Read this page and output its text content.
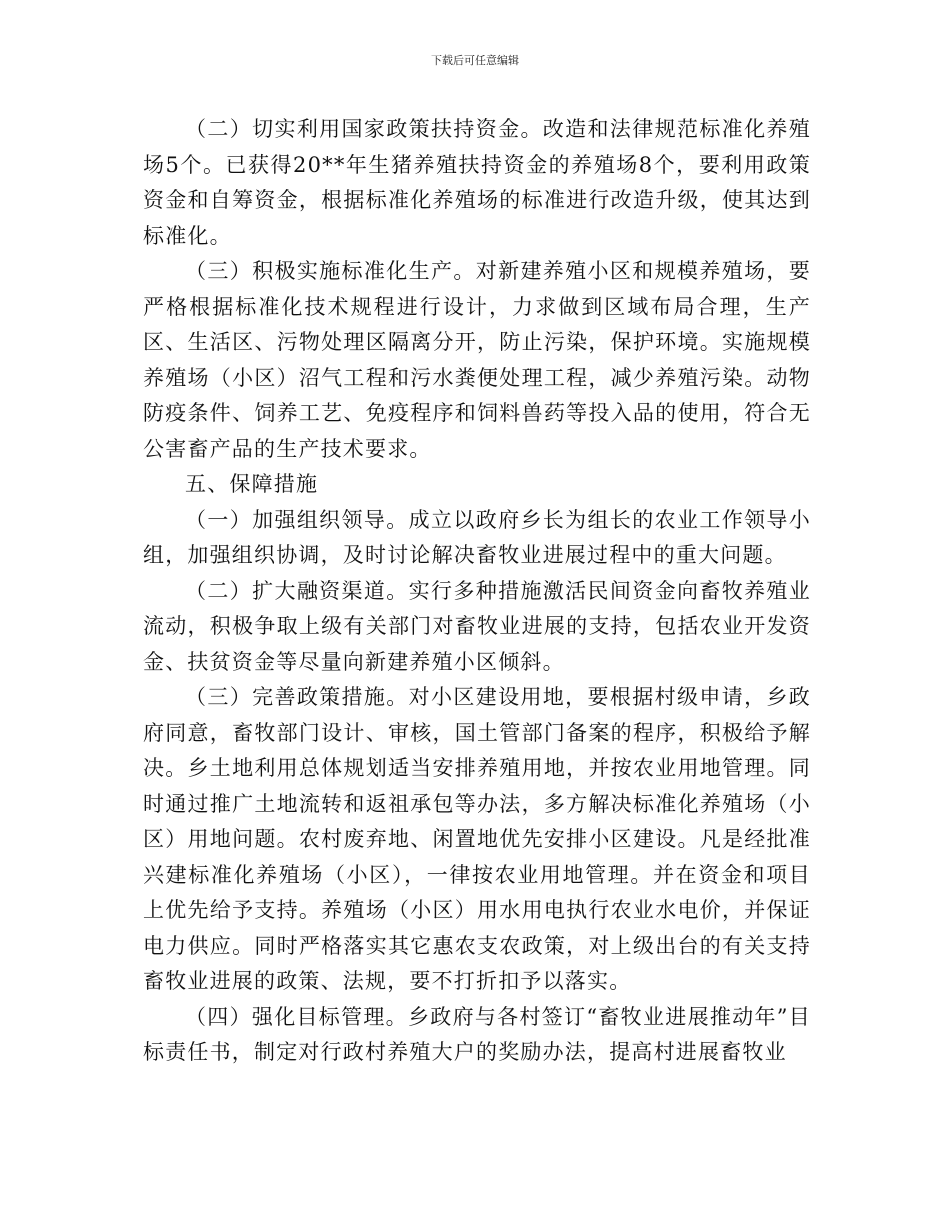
下载后可任意编辑

（二）切实利用国家政策扶持资金。改造和法律规范标准化养殖场5个。已获得20**年生猪养殖扶持资金的养殖场8个，要利用政策资金和自筹资金，根据标准化养殖场的标准进行改造升级，使其达到标准化。

（三）积极实施标准化生产。对新建养殖小区和规模养殖场，要严格根据标准化技术规程进行设计，力求做到区域布局合理，生产区、生活区、污物处理区隔离分开，防止污染，保护环境。实施规模养殖场（小区）沼气工程和污水粪便处理工程，减少养殖污染。动物防疫条件、饲养工艺、免疫程序和饲料兽药等投入品的使用，符合无公害畜产品的生产技术要求。

五、保障措施

（一）加强组织领导。成立以政府乡长为组长的农业工作领导小组，加强组织协调，及时讨论解决畜牧业进展过程中的重大问题。

（二）扩大融资渠道。实行多种措施激活民间资金向畜牧养殖业流动，积极争取上级有关部门对畜牧业进展的支持，包括农业开发资金、扶贫资金等尽量向新建养殖小区倾斜。

（三）完善政策措施。对小区建设用地，要根据村级申请，乡政府同意，畜牧部门设计、审核，国土管部门备案的程序，积极给予解决。乡土地利用总体规划适当安排养殖用地，并按农业用地管理。同时通过推广土地流转和返祖承包等办法，多方解决标准化养殖场（小区）用地问题。农村废弃地、闲置地优先安排小区建设。凡是经批准兴建标准化养殖场（小区），一律按农业用地管理。并在资金和项目上优先给予支持。养殖场（小区）用水用电执行农业水电价，并保证电力供应。同时严格落实其它惠农支农政策，对上级出台的有关支持畜牧业进展的政策、法规，要不打折扣予以落实。

（四）强化目标管理。乡政府与各村签订“畜牧业进展推动年”目标责任书，制定对行政村养殖大户的奖励办法，提高村进展畜牧业
